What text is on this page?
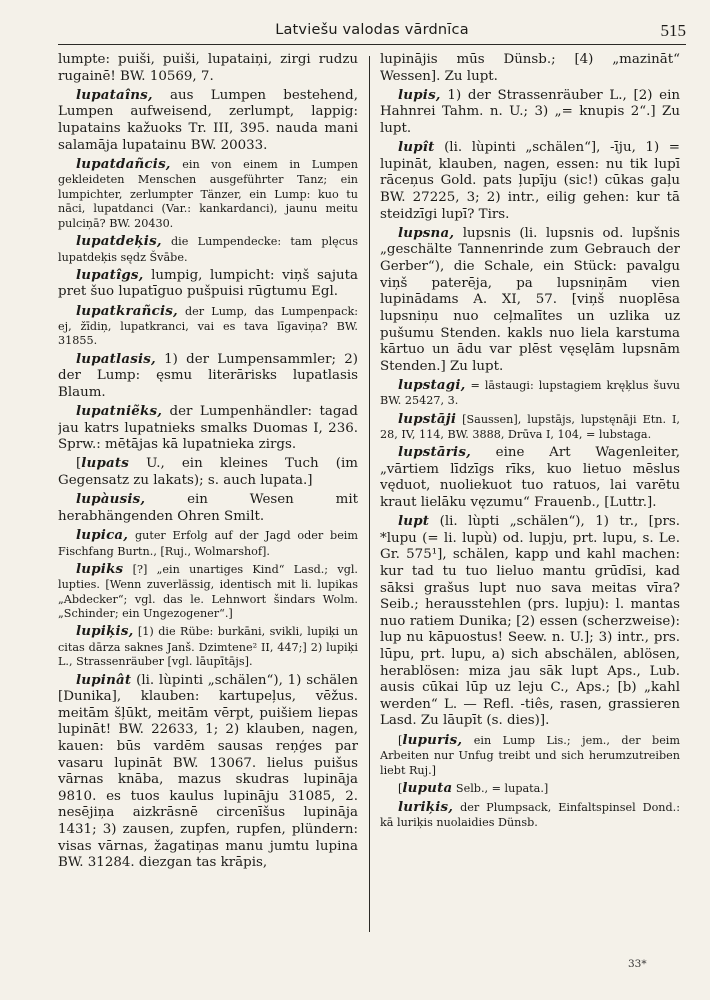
Latviešu valodas vārdnīca	515

lumpte: puiši, puiši, lupataiņi, zirgi rudzu rugainē! BW. 10569, 7.

lupataîns, aus Lumpen bestehend, Lumpen aufweisend, zerlumpt, lappig: lupatains kažuoks Tr. III, 395. nauda mani salamāja lupatainu BW. 20033.

lupatdañcis, ein von einem in Lumpen gekleideten Menschen ausgeführter Tanz; ein lumpichter, zerlumpter Tänzer, ein Lump: kuo tu nāci, lupatdanci (Var.: kankardanci), jaunu meitu pulciņā? BW. 20430.

lupatdeķis, die Lumpendecke: tam plęcus lupatdeķis sędz Švābe.

lupatîgs, lumpig, lumpicht: viņš sajuta pret šuo lupatīguo pušpuisi rūgtumu Egl.

lupatkrañcis, der Lump, das Lumpenpack: ej, žīdiņ, lupatkranci, vai es tava līgaviņa? BW. 31855.

lupatlasis, 1) der Lumpensammler; 2) der Lump: ęsmu literārisks lupatlasis Blaum.

lupatniẽks, der Lumpenhändler: tagad jau katrs lupatnieks smalks Duomas I, 236. Sprw.: mētājas kā lupatnieka zirgs.

[ lupats U., ein kleines Tuch (im Gegensatz zu lakats); s. auch lupata. ]

lupàusis,	ein Wesen mit herabhängenden Ohren Smilt.

lupica, guter Erfolg auf der Jagd oder beim Fischfang Burtn., [Ruj., Wolmarshof].

lupiks [?] „ein unartiges Kind“ Lasd.; vgl. lupties. [Wenn zuverlässig, identisch mit li. lupikas „Abdecker“; vgl. das le. Lehnwort šindars Wolm. „Schinder; ein Ungezogener“.]

lupiķis, [1) die Rübe: burkāni, svikli, lupiķi un citas dārza saknes Janš. Dzimtene² II, 447;] 2) lupiķi L., Strassenräuber [vgl. lāupītājs].

lupinât (li. lùpinti „schälen“), 1) schälen [Dunika], klauben: kartupeļus, vēžus. meitām šļūkt, meitām vērpt, puišiem liepas lupināt! BW. 22633, 1; 2) klauben, nagen, kauen: būs vardēm sausas reņģes par vasaru lupināt BW. 13067. lielus puišus vārnas knāba, mazus skudras lupināja 9810. es tuos kaulus lupināju 31085, 2. nesējiņa aizkrāsnē circenīšus lupināja 1431; 3) zausen, zupfen, rupfen, plündern: visas vārnas, žagatiņas manu jumtu lupina BW. 31284. diezgan tas krāpis,

lupinājis mūs Dünsb.; [4) „mazināt“ Wessen]. Zu lupt.

lupis, 1) der Strassenräuber L., [2) ein Hahnrei Tahm. n. U.; 3) „= knupis 2“.] Zu lupt.

lupît (li. lùpinti „schälen“], -īju, 1) = lupināt, klauben, nagen, essen: nu tik lupī rāceņus Gold. pats ļupīju (sic!) cūkas gaļu BW. 27225, 3; 2) intr., eilig gehen: kur tā steidzīgi lupī? Tirs.

lupsna, lupsnis (li. lupsnis od. lupšnis „geschälte Tannenrinde zum Gebrauch der Gerber“), die Schale, ein Stück: pavalgu viņš paterēja, pa lupsniņām vien lupinādams A. XI, 57. [viņš nuoplēsa lupsniņu nuo ceļmalītes un uzlika uz pušumu Stenden. kakls nuo liela karstuma kārtuo un ādu var plēst vęsęlām lupsnām Stenden.] Zu lupt.

lupstagi, = lāstaugi: lupstagiem kręķlus šuvu BW. 25427, 3.

lupstāji [Saussen], lupstājs, lupstęnāji Etn. I, 28, IV, 114, BW. 3888, Drūva I, 104, = lubstaga.

lupstāris, eine Art Wagenleiter, „vārtiem līdzīgs rīks, kuo lietuo mēslus vęduot, nuoliekuot tuo ratuos, lai varētu kraut lielāku vęzumu“ Frauenb., [Luttr.].

lupt (li. lùpti „schälen“), 1) tr., [prs. *lupu (= li. lupù) od. lupju, prt. lupu, s. Le. Gr. 575¹], schälen, kapp und kahl machen: kur tad tu tuo lieluo mantu grūdīsi, kad sāksi grašus lupt nuo sava meitas vīra? Seib.; herausstehlen (prs. lupju): l. mantas nuo ratiem Dunika; [2) essen (scherzweise): lup nu kāpuostus! Seew. n. U.]; 3) intr., prs. lūpu, prt. lupu, a) sich abschälen, ablösen, herablösen: miza jau sāk lupt Aps., Lub. ausis cūkai lūp uz leju C., Aps.; [b) „kahl werden“ L. — Refl. -tiês, rasen, grassieren Lasd. Zu lāupīt (s. dies)].

[ lupuris, ein Lump Lis.; jem., der beim Arbeiten nur Unfug treibt und sich herumzutreiben liebt Ruj. ]

[ luputa Selb., = lupata. ]

luriķis, der Plumpsack, Einfaltspinsel Dond.: kā luriķis nuolaidies Dünsb.

33*
